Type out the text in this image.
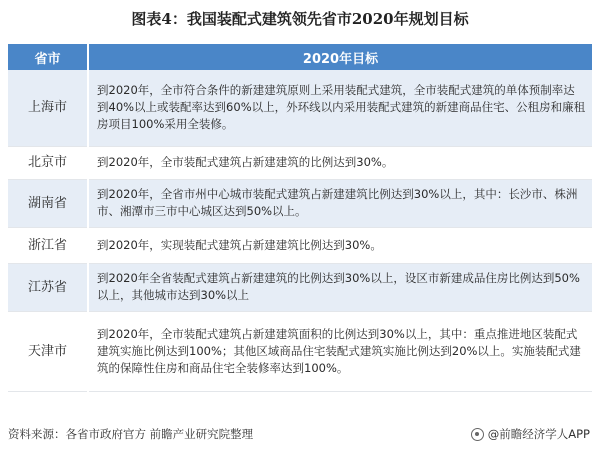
图表4：我国装配式建筑领先省市2020年规划目标
省市	2020年目标
上海市	到2020年，全市符合条件的新建建筑原则上采用装配式建筑，全市装配式建筑的单体预制率达到40%以上或装配率达到60%以上，外环线以内采用装配式建筑的新建商品住宅、公租房和廉租房项目100%采用全装修。
北京市	到2020年，全市装配式建筑占新建建筑的比例达到30%。
湖南省	到2020年，全省市州中心城市装配式建筑占新建建筑比例达到30%以上，其中：长沙市、株洲市、湘潭市三市中心城区达到50%以上。
浙江省	到2020年，实现装配式建筑占新建建筑比例达到30%。
江苏省	到2020年全省装配式建筑占新建建筑的比例达到30%以上，设区市新建成品住房比例达到50%以上，其他城市达到30%以上
天津市	到2020年，全市装配式建筑占新建建筑面积的比例达到30%以上，其中：重点推进地区装配式建筑实施比例达到100%；其他区域商品住宅装配式建筑实施比例达到20%以上。实施装配式建筑的保障性住房和商品住宅全装修率达到100%。
资料来源：各省市政府官方 前瞻产业研究院整理	@前瞻经济学人APP
